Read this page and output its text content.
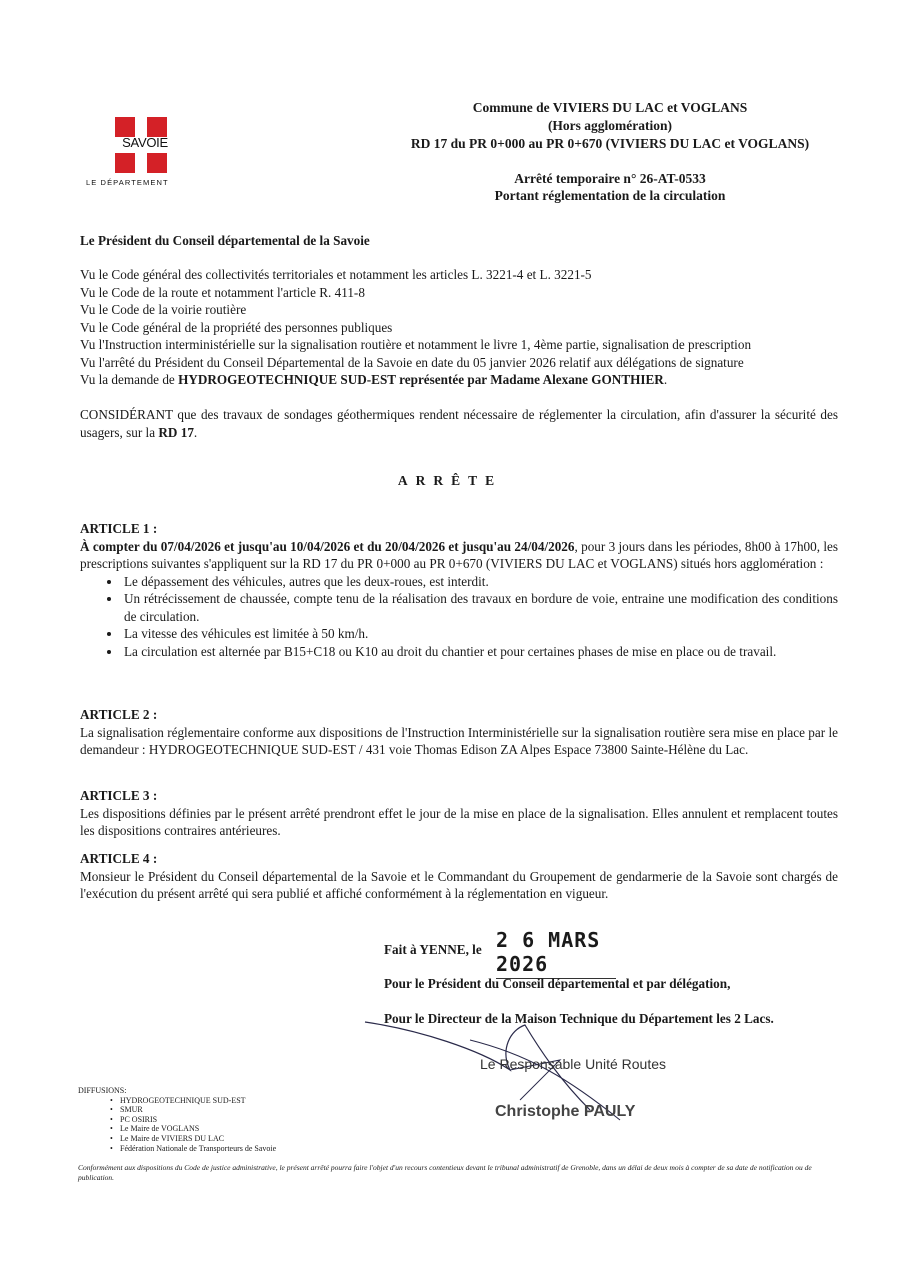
SAVOIE
LE DÉPARTEMENT
Commune de VIVIERS DU LAC et VOGLANS
(Hors agglomération)
RD 17 du PR 0+000 au PR 0+670 (VIVIERS DU LAC et VOGLANS)
Arrêté temporaire n° 26-AT-0533
Portant réglementation de la circulation
Le Président du Conseil départemental de la Savoie
Vu le Code général des collectivités territoriales et notamment les articles L. 3221-4 et L. 3221-5
Vu le Code de la route et notamment l'article R. 411-8
Vu le Code de la voirie routière
Vu le Code général de la propriété des personnes publiques
Vu l'Instruction interministérielle sur la signalisation routière et notamment le livre 1, 4ème partie, signalisation de prescription
Vu l'arrêté du Président du Conseil Départemental de la Savoie en date du 05 janvier 2026 relatif aux délégations de signature
Vu la demande de HYDROGEOTECHNIQUE SUD-EST représentée par Madame Alexane GONTHIER.
CONSIDÉRANT que des travaux de sondages géothermiques rendent nécessaire de réglementer la circulation, afin d'assurer la sécurité des usagers, sur la RD 17.
ARRÊTE
ARTICLE 1 :
À compter du 07/04/2026 et jusqu'au 10/04/2026 et du 20/04/2026 et jusqu'au 24/04/2026, pour 3 jours dans les périodes, 8h00 à 17h00, les prescriptions suivantes s'appliquent sur la RD 17 du PR 0+000 au PR 0+670 (VIVIERS DU LAC et VOGLANS) situés hors agglomération :
• Le dépassement des véhicules, autres que les deux-roues, est interdit.
• Un rétrécissement de chaussée, compte tenu de la réalisation des travaux en bordure de voie, entraine une modification des conditions de circulation.
• La vitesse des véhicules est limitée à 50 km/h.
• La circulation est alternée par B15+C18 ou K10 au droit du chantier et pour certaines phases de mise en place ou de travail.
ARTICLE 2 :
La signalisation réglementaire conforme aux dispositions de l'Instruction Interministérielle sur la signalisation routière sera mise en place par le demandeur : HYDROGEOTECHNIQUE SUD-EST / 431 voie Thomas Edison ZA Alpes Espace 73800 Sainte-Hélène du Lac.
ARTICLE 3 :
Les dispositions définies par le présent arrêté prendront effet le jour de la mise en place de la signalisation. Elles annulent et remplacent toutes les dispositions contraires antérieures.
ARTICLE 4 :
Monsieur le Président du Conseil départemental de la Savoie et le Commandant du Groupement de gendarmerie de la Savoie sont chargés de l'exécution du présent arrêté qui sera publié et affiché conformément à la réglementation en vigueur.
Fait à YENNE, le 2 6 MARS 2026
Pour le Président du Conseil départemental et par délégation,
Pour le Directeur de la Maison Technique du Département les 2 Lacs.
Le Responsable Unité Routes
Christophe PAULY
DIFFUSIONS:
• HYDROGEOTECHNIQUE SUD-EST
• SMUR
• PC OSIRIS
• Le Maire de VOGLANS
• Le Maire de VIVIERS DU LAC
• Fédération Nationale de Transporteurs de Savoie
Conformément aux dispositions du Code de justice administrative, le présent arrêté pourra faire l'objet d'un recours contentieux devant le tribunal administratif de Grenoble, dans un délai de deux mois à compter de sa date de notification ou de publication.
